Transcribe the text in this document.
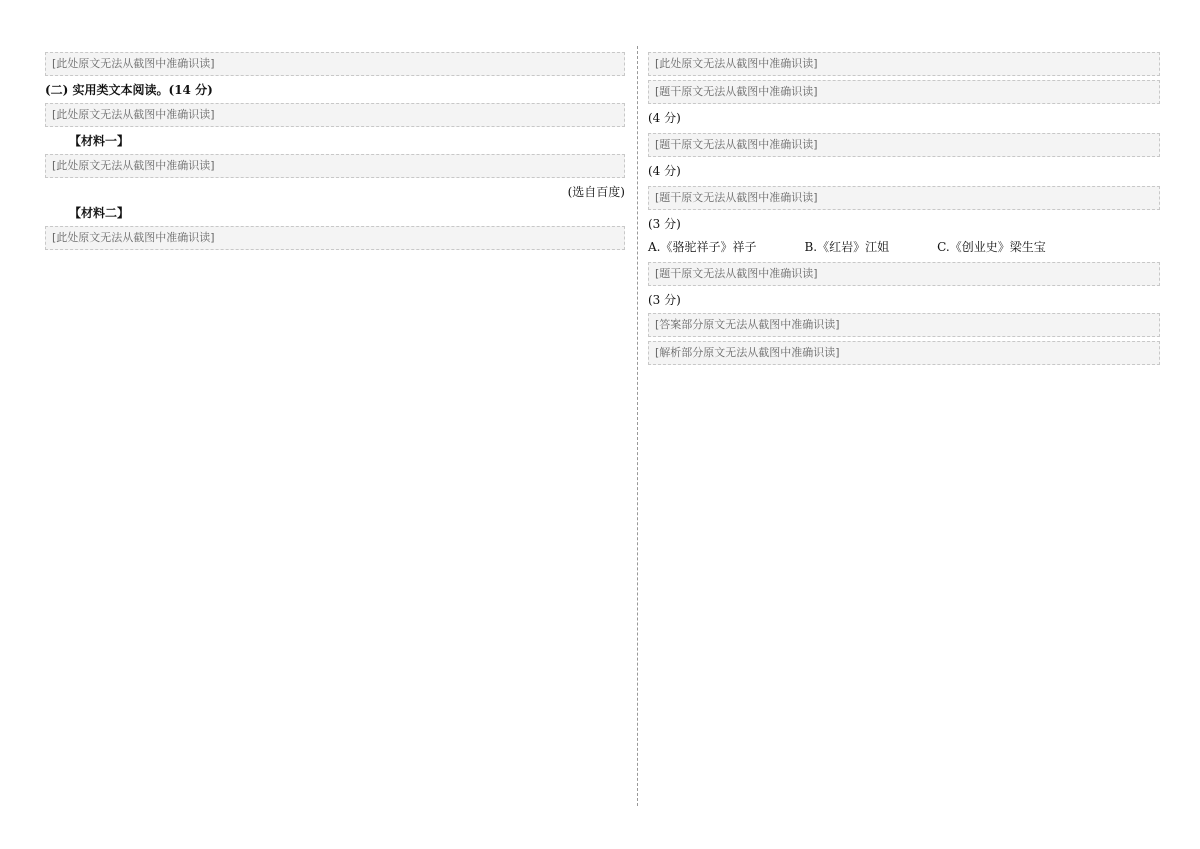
[此处原文无法从截图中准确识读]
(二) 实用类文本阅读。(14 分)
[此处原文无法从截图中准确识读]
【材料一】
[此处原文无法从截图中准确识读]
(选自百度)
【材料二】
[此处原文无法从截图中准确识读]
[此处原文无法从截图中准确识读]
[题干原文无法从截图中准确识读]
(4 分)
[题干原文无法从截图中准确识读]
(4 分)
[题干原文无法从截图中准确识读]
(3 分)
A.《骆驼祥子》祥子	B.《红岩》江姐	C.《创业史》梁生宝
[题干原文无法从截图中准确识读]
(3 分)
[答案部分原文无法从截图中准确识读]
[解析部分原文无法从截图中准确识读]
